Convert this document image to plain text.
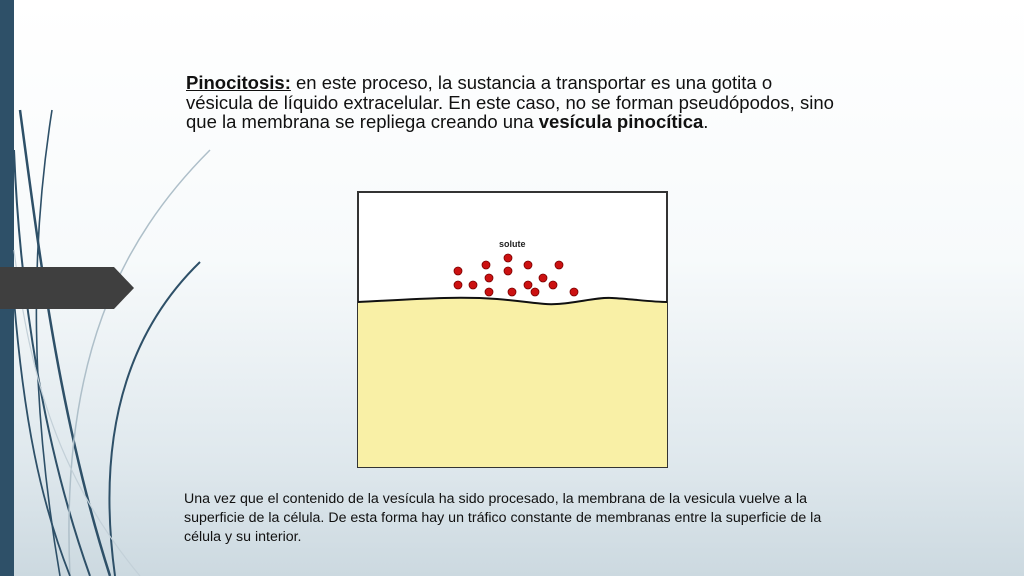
Pinocitosis: en este proceso, la sustancia a transportar es una gotita o vésicula de líquido extracelular. En este caso, no se forman pseudópodos, sino que la membrana se repliega creando una vesícula pinocítica.
solute
Una vez que el contenido de la vesícula ha sido procesado, la membrana de la vesicula vuelve a la superficie de la célula. De esta forma hay un tráfico constante de membranas entre la superficie de la célula y su interior.
